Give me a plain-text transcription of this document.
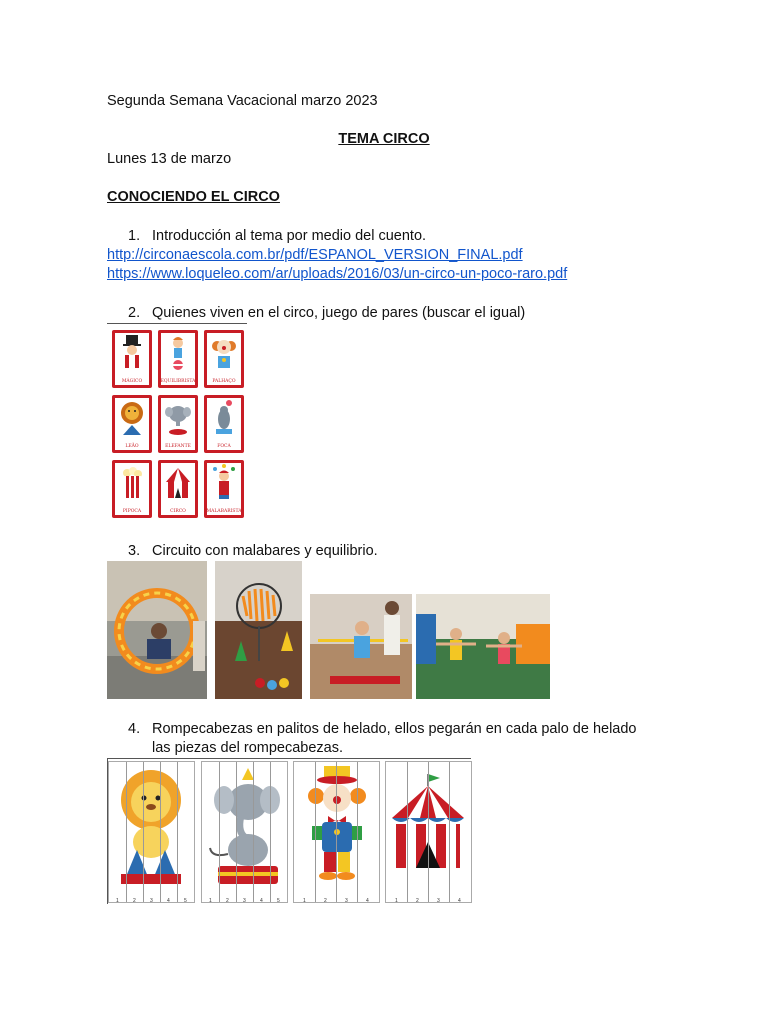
Segunda Semana Vacacional marzo 2023
TEMA CIRCO
Lunes 13 de marzo
CONOCIENDO EL CIRCO
1. Introducción al tema por medio del cuento.
http://circonaescola.com.br/pdf/ESPANOL_VERSION_FINAL.pdf
https://www.loqueleo.com/ar/uploads/2016/03/un-circo-un-poco-raro.pdf
2. Quienes viven en el circo, juego de pares (buscar el igual)
MÁGICO	EQUILIBRISTA	PALHAÇO
LEÃO	ELEFANTE	FOCA
PIPOCA	CIRCO	MALABARISTA
3. Circuito con malabares y equilibrio.
4. Rompecabezas en palitos de helado, ellos pegarán en cada palo de helado
las piezas del rompecabezas.
1	2	3	4	5	1	2	3	4	5	1	2	3	4	1	2	3	4
